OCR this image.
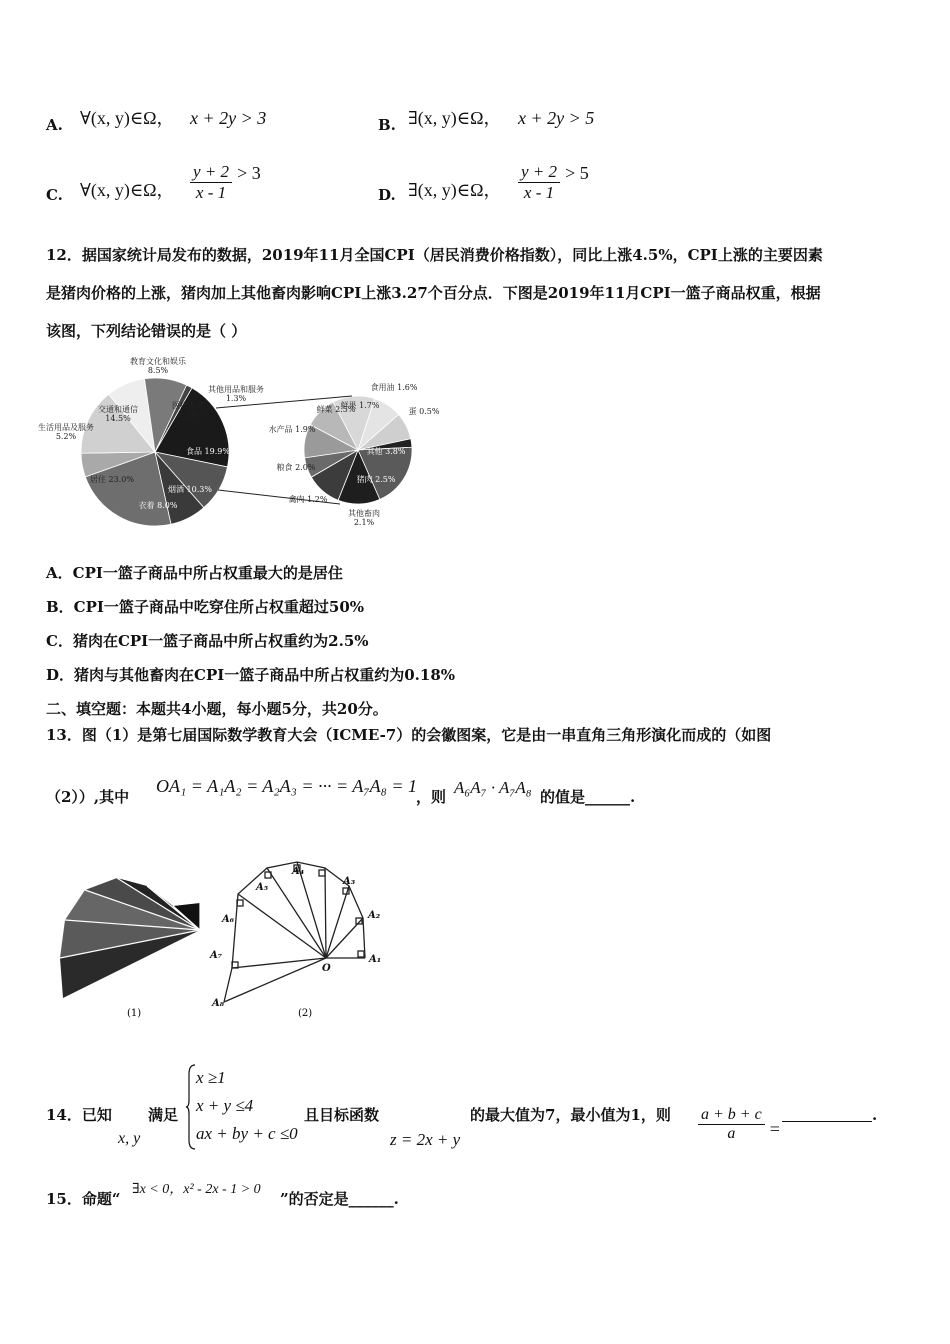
A. ∀(x, y)∈Ω， x + 2y > 3	B. ∃(x, y)∈Ω， x + 2y > 5
C. ∀(x, y)∈Ω， $\frac{y + 2}{x - 1} > 3$
D. ∃(x, y)∈Ω， $\frac{y + 2}{x - 1} > 5$
12．据国家统计局发布的数据，2019年11月全国CPI（居民消费价格指数），同比上涨4.5%，CPI上涨的主要因素
是猪肉价格的上涨，猪肉加上其他畜肉影响CPI上涨3.27个百分点．下图是2019年11月CPI一篮子商品权重，根据
该图，下列结论错误的是（ ）
食品 19.9%
烟酒 10.3%
衣着 8.0%
居住 23.0%
生活用品及服务 5.2%
交通和通信 14.5%
教育文化和娱乐 8.5%
医疗保健 9.3%
其他用品和服务 1.3%
鲜果 1.7%
食用油 1.6%
蛋 0.5%
其他 3.8%
猪肉 2.5%
其他畜肉 2.1%
禽肉 1.2%
粮食 2.0%
水产品 1.9%
鲜菜 2.5%
A．CPI一篮子商品中所占权重最大的是居住
B．CPI一篮子商品中吃穿住所占权重超过50%
C．猪肉在CPI一篮子商品中所占权重约为2.5%
D．猪肉与其他畜肉在CPI一篮子商品中所占权重约为0.18%
二、填空题：本题共4小题，每小题5分，共20分。
13．图（1）是第七届国际数学教育大会（ICME-7）的会徽图案，它是由一串直角三角形演化而成的（如图
（2））,其中
OA₁ = A₁A₂ = A₂A₃ = ··· = A₇A₈ = 1
，则 A₆A₇ · A₇A₈ 的值是______.
(1)
A₁
A₂
A₃
A₄
A₅
A₆
A₇
A₈
O
(2)
14．已知
x, y
满足
x ≥1
x + y ≤4
ax + by + c ≤0
且目标函数
z = 2x + y
的最大值为7，最小值为1，则 $\frac{a + b + c}{a}$ =
.
15．命题“
∃x < 0，x² - 2x - 1 > 0
”的否定是______.
